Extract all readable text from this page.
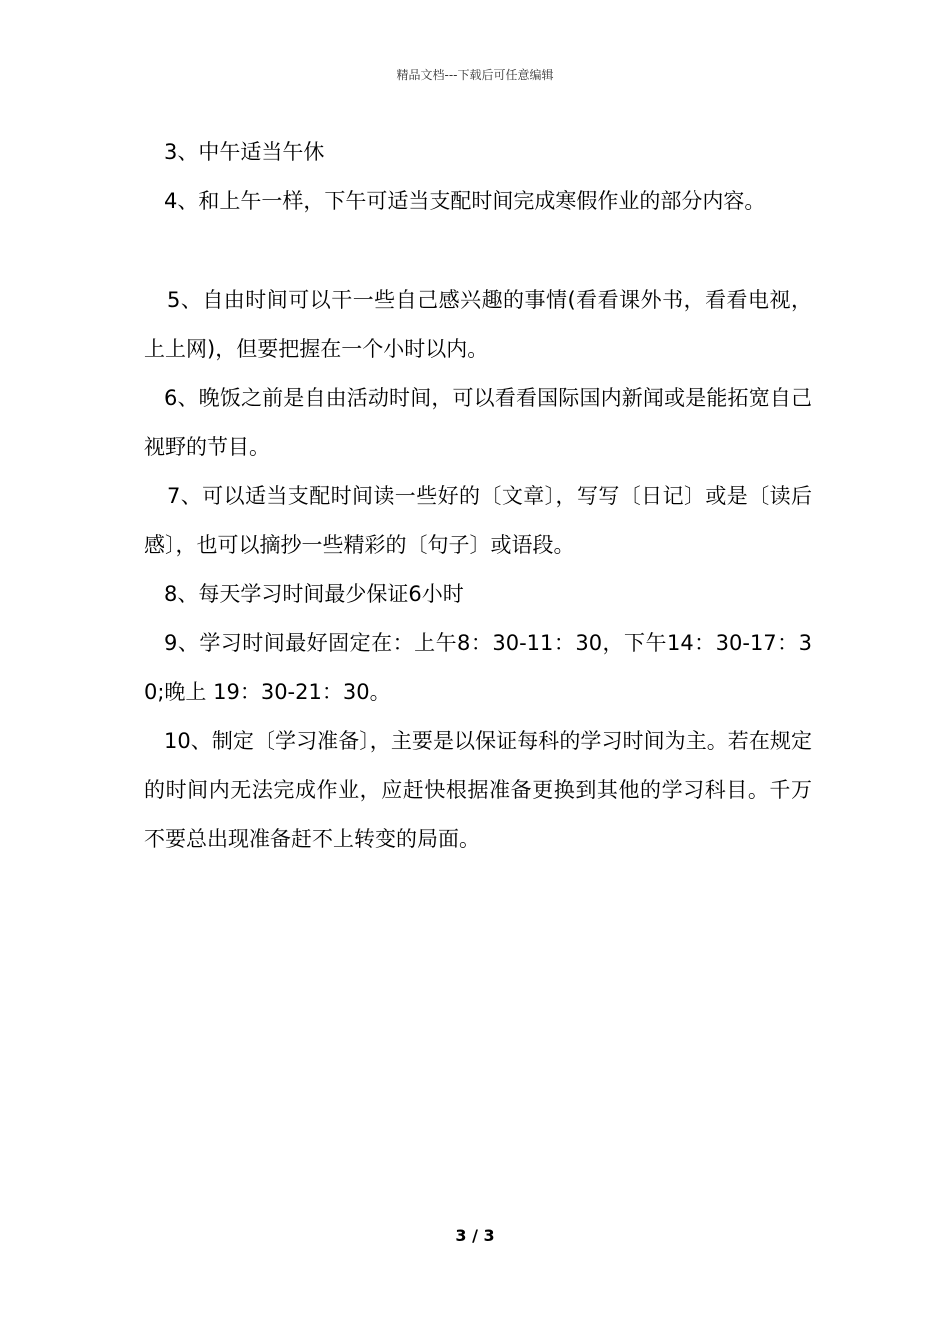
精品文档---下载后可任意编辑

3、中午适当午休

4、和上午一样，下午可适当支配时间完成寒假作业的部分内容。

5、自由时间可以干一些自己感兴趣的事情(看看课外书，看看电视，上上网)，但要把握在一个小时以内。

6、晚饭之前是自由活动时间，可以看看国际国内新闻或是能拓宽自己视野的节目。

7、可以适当支配时间读一些好的〔文章〕，写写〔日记〕或是〔读后感〕，也可以摘抄一些精彩的〔句子〕或语段。

8、每天学习时间最少保证6小时

9、学习时间最好固定在：上午8：30-11：30，下午14：30-17：30;晚上 19：30-21：30。

10、制定〔学习准备〕，主要是以保证每科的学习时间为主。若在规定的时间内无法完成作业，应赶快根据准备更换到其他的学习科目。千万不要总出现准备赶不上转变的局面。

3 / 3
